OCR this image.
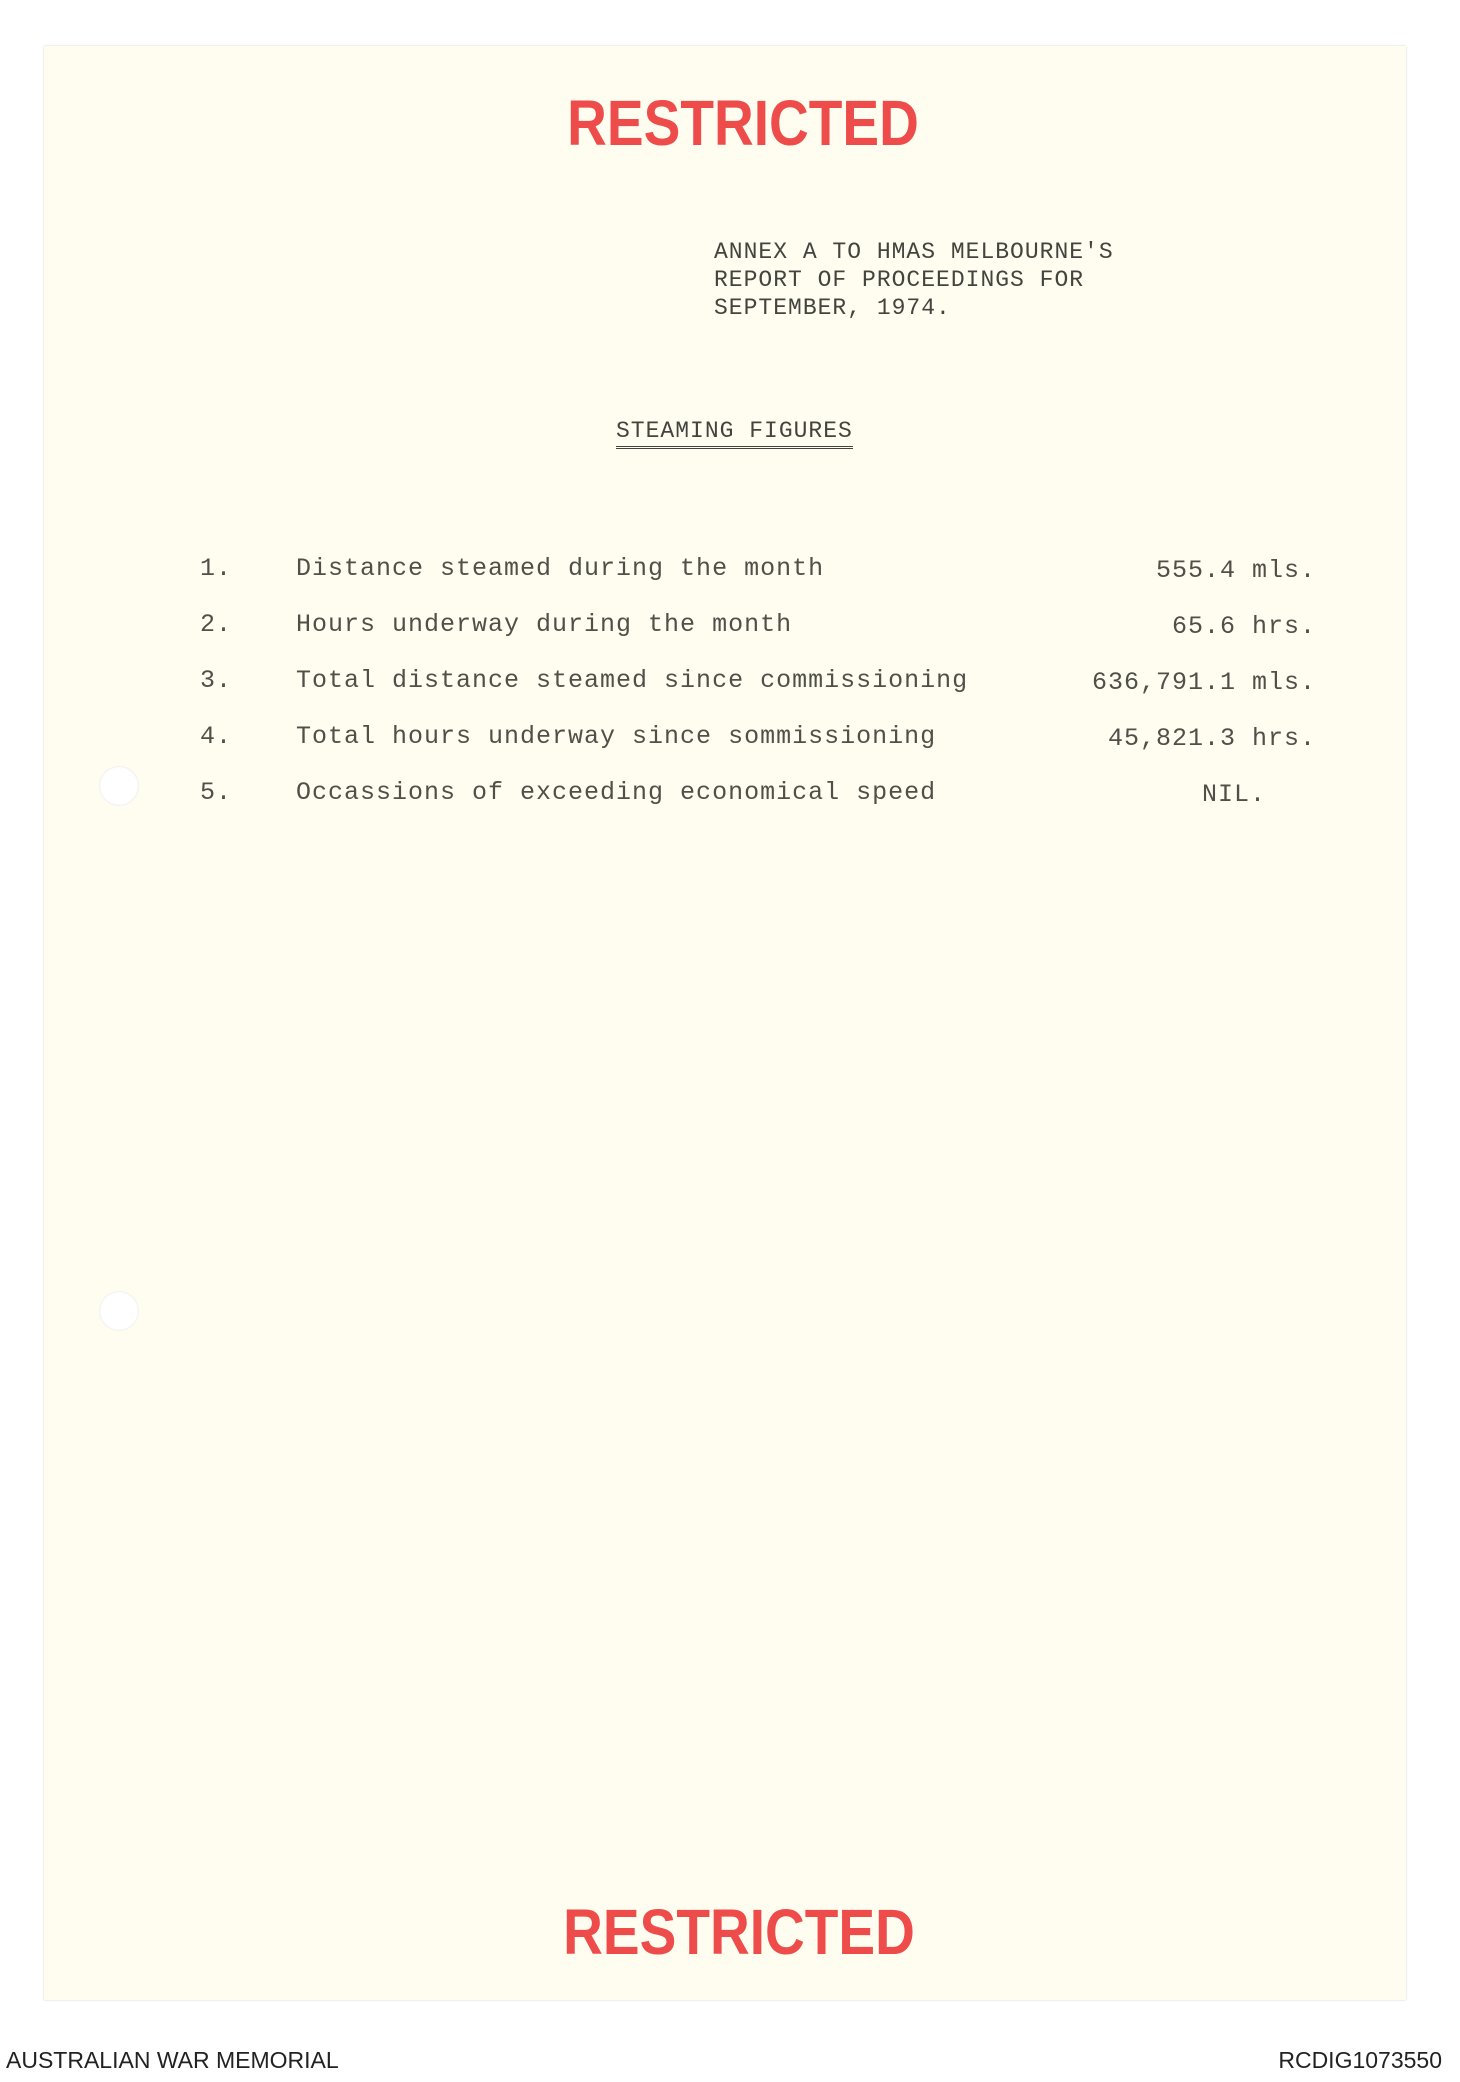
RESTRICTED
ANNEX A TO HMAS MELBOURNE'S
REPORT OF PROCEEDINGS FOR
SEPTEMBER, 1974.
STEAMING FIGURES
1.	Distance steamed during the month	555.4 mls.
2.	Hours underway during the month	65.6 hrs.
3.	Total distance steamed since commissioning	636,791.1 mls.
4.	Total hours underway since sommissioning	45,821.3 hrs.
5.	Occassions of exceeding economical speed	NIL.
RESTRICTED
AUSTRALIAN WAR MEMORIAL	RCDIG1073550
